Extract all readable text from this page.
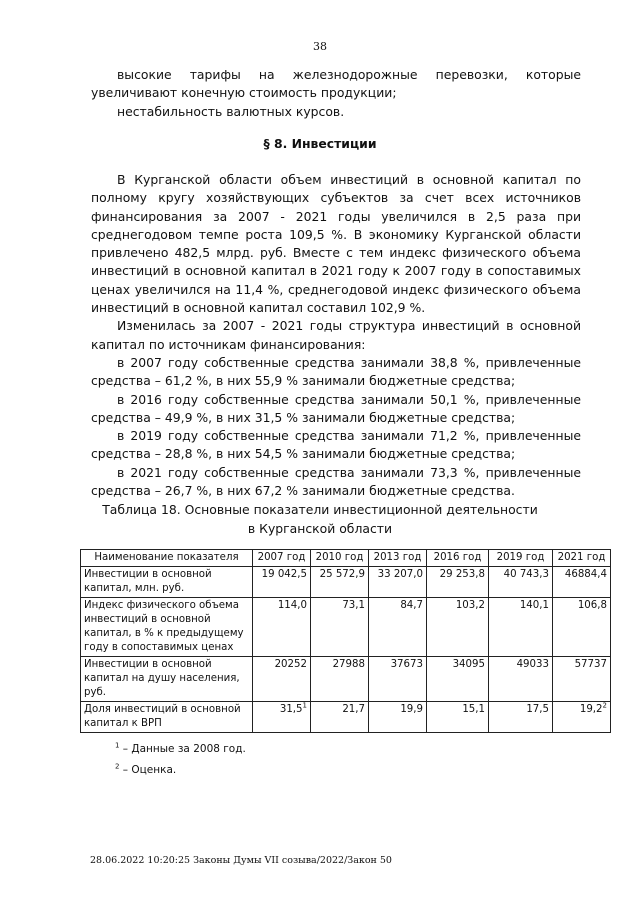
38

высокие тарифы на железнодорожные перевозки, которые увеличивают конечную стоимость продукции;

нестабильность валютных курсов.

§ 8. Инвестиции

В Курганской области объем инвестиций в основной капитал по полному кругу хозяйствующих субъектов за счет всех источников финансирования за 2007 - 2021 годы увеличился в 2,5 раза при среднегодовом темпе роста 109,5 %. В экономику Курганской области привлечено 482,5 млрд. руб. Вместе с тем индекс физического объема инвестиций в основной капитал в 2021 году к 2007 году в сопоставимых ценах увеличился на 11,4 %, среднегодовой индекс физического объема инвестиций в основной капитал составил 102,9 %.

Изменилась за 2007 - 2021 годы структура инвестиций в основной капитал по источникам финансирования:

в 2007 году собственные средства занимали 38,8 %, привлеченные средства – 61,2 %, в них 55,9 % занимали бюджетные средства;

в 2016 году собственные средства занимали 50,1 %, привлеченные средства – 49,9 %, в них 31,5 % занимали бюджетные средства;

в 2019 году собственные средства занимали 71,2 %, привлеченные средства – 28,8 %, в них 54,5 % занимали бюджетные средства;

в 2021 году собственные средства занимали 73,3 %, привлеченные средства – 26,7 %, в них 67,2 % занимали бюджетные средства.

Таблица 18. Основные показатели инвестиционной деятельности
в Курганской области
Наименование показателя	2007 год	2010 год	2013 год	2016 год	2019 год	2021 год
Инвестиции в основной капитал, млн. руб.	19 042,5	25 572,9	33 207,0	29 253,8	40 743,3	46884,4
Индекс физического объема инвестиций в основной капитал, в % к предыдущему году в сопоставимых ценах	114,0	73,1	84,7	103,2	140,1	106,8
Инвестиции в основной капитал на душу населения, руб.	20252	27988	37673	34095	49033	57737
Доля инвестиций в основной капитал к ВРП	31,5$^1$	21,7	19,9	15,1	17,5	19,2$^2$
$^1$ – Данные за 2008 год.
$^2$ – Оценка.
28.06.2022 10:20:25 Законы Думы VII созыва/2022/Закон 50
